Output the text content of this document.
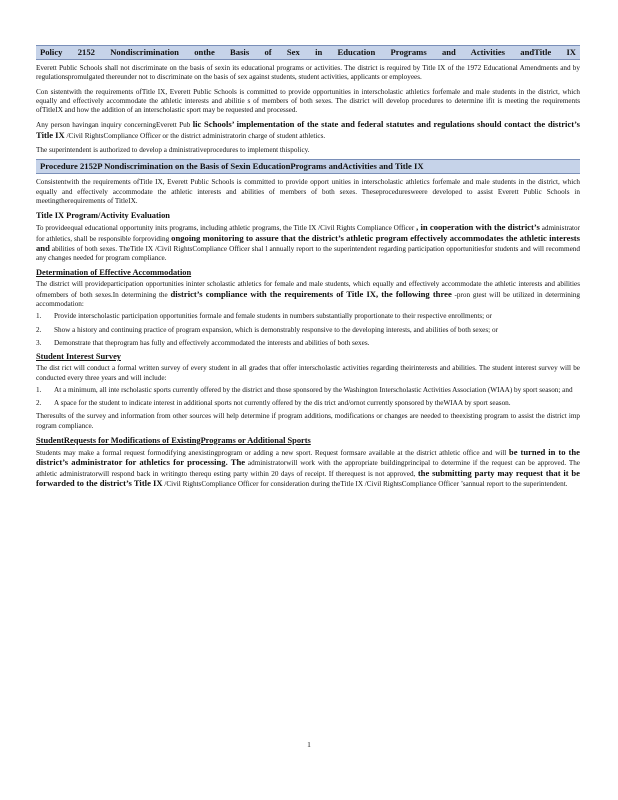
Policy 2152 Nondiscrimination onthe Basis of Sex in Education Programs and Activities andTitle IX

Everett Public Schools shall not discriminate on the basis of sexin its educational programs or activities. The district is required by Title IX of the 1972 Educational Amendments and by regulationspromulgated thereunder not to discriminate on the basis of sex against students, student activities, applicants or employees.

Con sistentwith the requirements ofTitle IX, Everett Public Schools is committed to provide opportunities in interscholastic athletics forfemale and male students in the district, which equally and effectively accommodate the athletic interests and abilitie s of members of both sexes. The district will develop procedures to determine ifit is meeting the requirements ofTitleIX and how the addition of an interscholastic sport may be requested and processed.

Any person havingan inquiry concerningEverett Pub lic Schools’ implementation of the state and federal statutes and regulations should contact the district’s Title IX /Civil RightsCompliance Officer or the district administratorin charge of student athletics.

The superintendent is authorized to develop a dministrativeprocedures to implement thispolicy.

Procedure 2152P Nondiscrimination on the Basis of Sexin EducationPrograms andActivities and Title IX

Consistentwith the requirements ofTitle IX, Everett Public Schools is committed to provide opport unities in interscholastic athletics forfemale and male students in the district, which equally and effectively accommodate the athletic interests and abilities of members of both sexes. Theseproceduresweere developed to assist Everett Public Schools in meetingtherequirements of TitleIX.

Title IX Program/Activity Evaluation

To provideequal educational opportunity inits programs, including athletic programs, the Title IX /Civil Rights Compliance Officer , in cooperation with the district’s administrator for athletics, shall be responsible forproviding ongoing monitoring to assure that the district’s athletic program effectively accommodates the athletic interests and abilities of both sexes. TheTitle IX /Civil RightsCompliance Officer shal l annually report to the superintendent regarding participation opportunitiesfor students and will recommend any changes needed for program compliance.

Determination of Effective Accommodation

The district will provideparticipation opportunities ininter scholastic athletics for female and male students, which equally and effectively accommodate the athletic interests and abilities ofmembers of both sexes.In determining the district’s compliance with the requirements of Title IX, the following three -pron gtest will be utilized in determining accommodation:

1.	Provide interscholastic participation opportunities formale and female students in numbers substantially proportionate to their respective enrollments; or
2.	Show a history and continuing practice of program expansion, which is demonstrably responsive to the developing interests, and abilities of both sexes; or
3.	Demonstrate that theprogram has fully and effectively accommodated the interests and abilities of both sexes.
Student Interest Survey

The dist rict will conduct a formal written survey of every student in all grades that offer interscholastic activities regarding theirinterests and abilities. The student interest survey will be conducted every three years and will include:

1.	At a minimum, all inte rscholastic sports currently offered by the district and those sponsored by the Washington Interscholastic Activities Association (WIAA) by sport season; and
2.	A space for the student to indicate interest in additional sports not currently offered by the dis trict and/ornot currently sponsored by theWIAA by sport season.

Theresults of the survey and information from other sources will help determine if program additions, modifications or changes are needed to theexisting program to assist the district imp rogram compliance.

StudentRequests for Modifications of ExistingPrograms or Additional Sports

Students may make a formal request formodifying anexistingprogram or adding a new sport. Request formsare available at the district athletic office and will be turned in to the district’s administrator for athletics for processing. The administratorwill work with the appropriate buildingprincipal to determine if the request can be approved. The athletic administratorwill respond back in writingto therequ esting party within 20 days of receipt. If therequest is not approved, the submitting party may request that it be forwarded to the district’s Title IX /Civil RightsCompliance Officer for consideration during theTitle IX /Civil RightsCompliance Officer ’sannual report to the superintendent.

1
